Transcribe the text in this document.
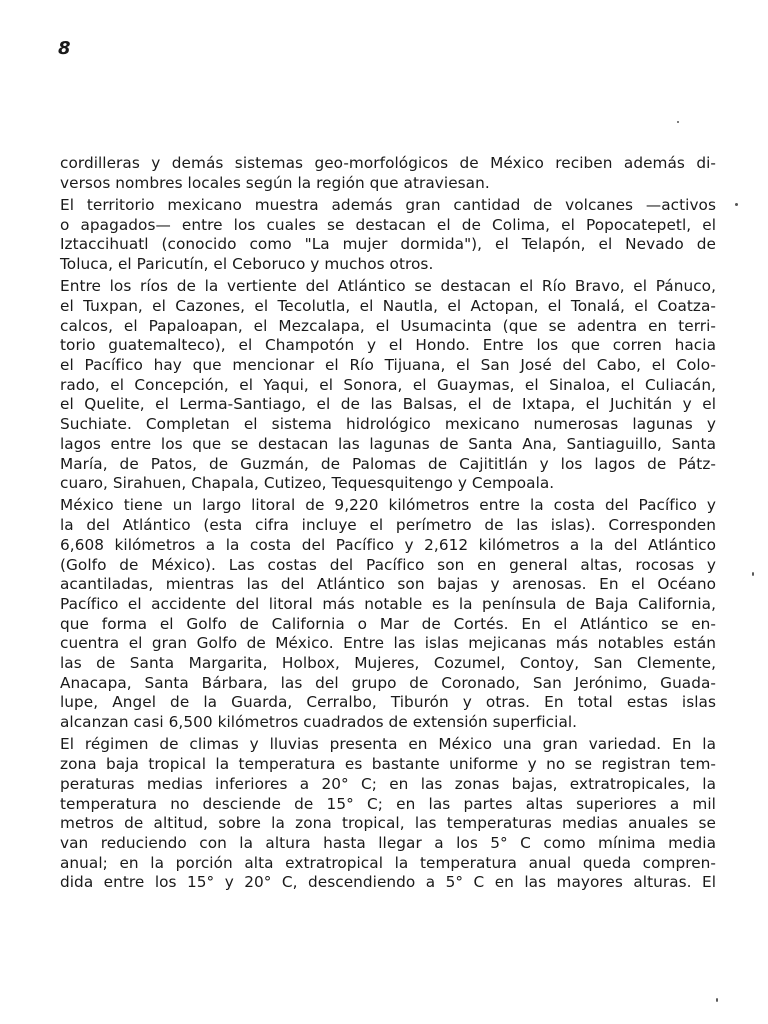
8

cordilleras y demás sistemas geo-morfológicos de México reciben además di-
versos nombres locales según la región que atraviesan.

El territorio mexicano muestra además gran cantidad de volcanes —activos
o apagados— entre los cuales se destacan el de Colima, el Popocatepetl, el
Iztaccihuatl (conocido como "La mujer dormida"), el Telapón, el Nevado de
Toluca, el Paricutín, el Ceboruco y muchos otros.

Entre los ríos de la vertiente del Atlántico se destacan el Río Bravo, el Pánuco,
el Tuxpan, el Cazones, el Tecolutla, el Nautla, el Actopan, el Tonalá, el Coatza-
calcos, el Papaloapan, el Mezcalapa, el Usumacinta (que se adentra en terri-
torio guatemalteco), el Champotón y el Hondo. Entre los que corren hacia
el Pacífico hay que mencionar el Río Tijuana, el San José del Cabo, el Colo-
rado, el Concepción, el Yaqui, el Sonora, el Guaymas, el Sinaloa, el Culiacán,
el Quelite, el Lerma-Santiago, el de las Balsas, el de Ixtapa, el Juchitán y el
Suchiate. Completan el sistema hidrológico mexicano numerosas lagunas y
lagos entre los que se destacan las lagunas de Santa Ana, Santiaguillo, Santa
María, de Patos, de Guzmán, de Palomas de Cajititlán y los lagos de Pátz-
cuaro, Sirahuen, Chapala, Cutizeo, Tequesquitengo y Cempoala.

México tiene un largo litoral de 9,220 kilómetros entre la costa del Pacífico y
la del Atlántico (esta cifra incluye el perímetro de las islas). Corresponden
6,608 kilómetros a la costa del Pacífico y 2,612 kilómetros a la del Atlántico
(Golfo de México). Las costas del Pacífico son en general altas, rocosas y
acantiladas, mientras las del Atlántico son bajas y arenosas. En el Océano
Pacífico el accidente del litoral más notable es la península de Baja California,
que forma el Golfo de California o Mar de Cortés. En el Atlántico se en-
cuentra el gran Golfo de México. Entre las islas mejicanas más notables están
las de Santa Margarita, Holbox, Mujeres, Cozumel, Contoy, San Clemente,
Anacapa, Santa Bárbara, las del grupo de Coronado, San Jerónimo, Guada-
lupe, Angel de la Guarda, Cerralbo, Tiburón y otras. En total estas islas
alcanzan casi 6,500 kilómetros cuadrados de extensión superficial.

El régimen de climas y lluvias presenta en México una gran variedad. En la
zona baja tropical la temperatura es bastante uniforme y no se registran tem-
peraturas medias inferiores a 20° C; en las zonas bajas, extratropicales, la
temperatura no desciende de 15° C; en las partes altas superiores a mil
metros de altitud, sobre la zona tropical, las temperaturas medias anuales se
van reduciendo con la altura hasta llegar a los 5° C como mínima media
anual; en la porción alta extratropical la temperatura anual queda compren-
dida entre los 15° y 20° C, descendiendo a 5° C en las mayores alturas. El
